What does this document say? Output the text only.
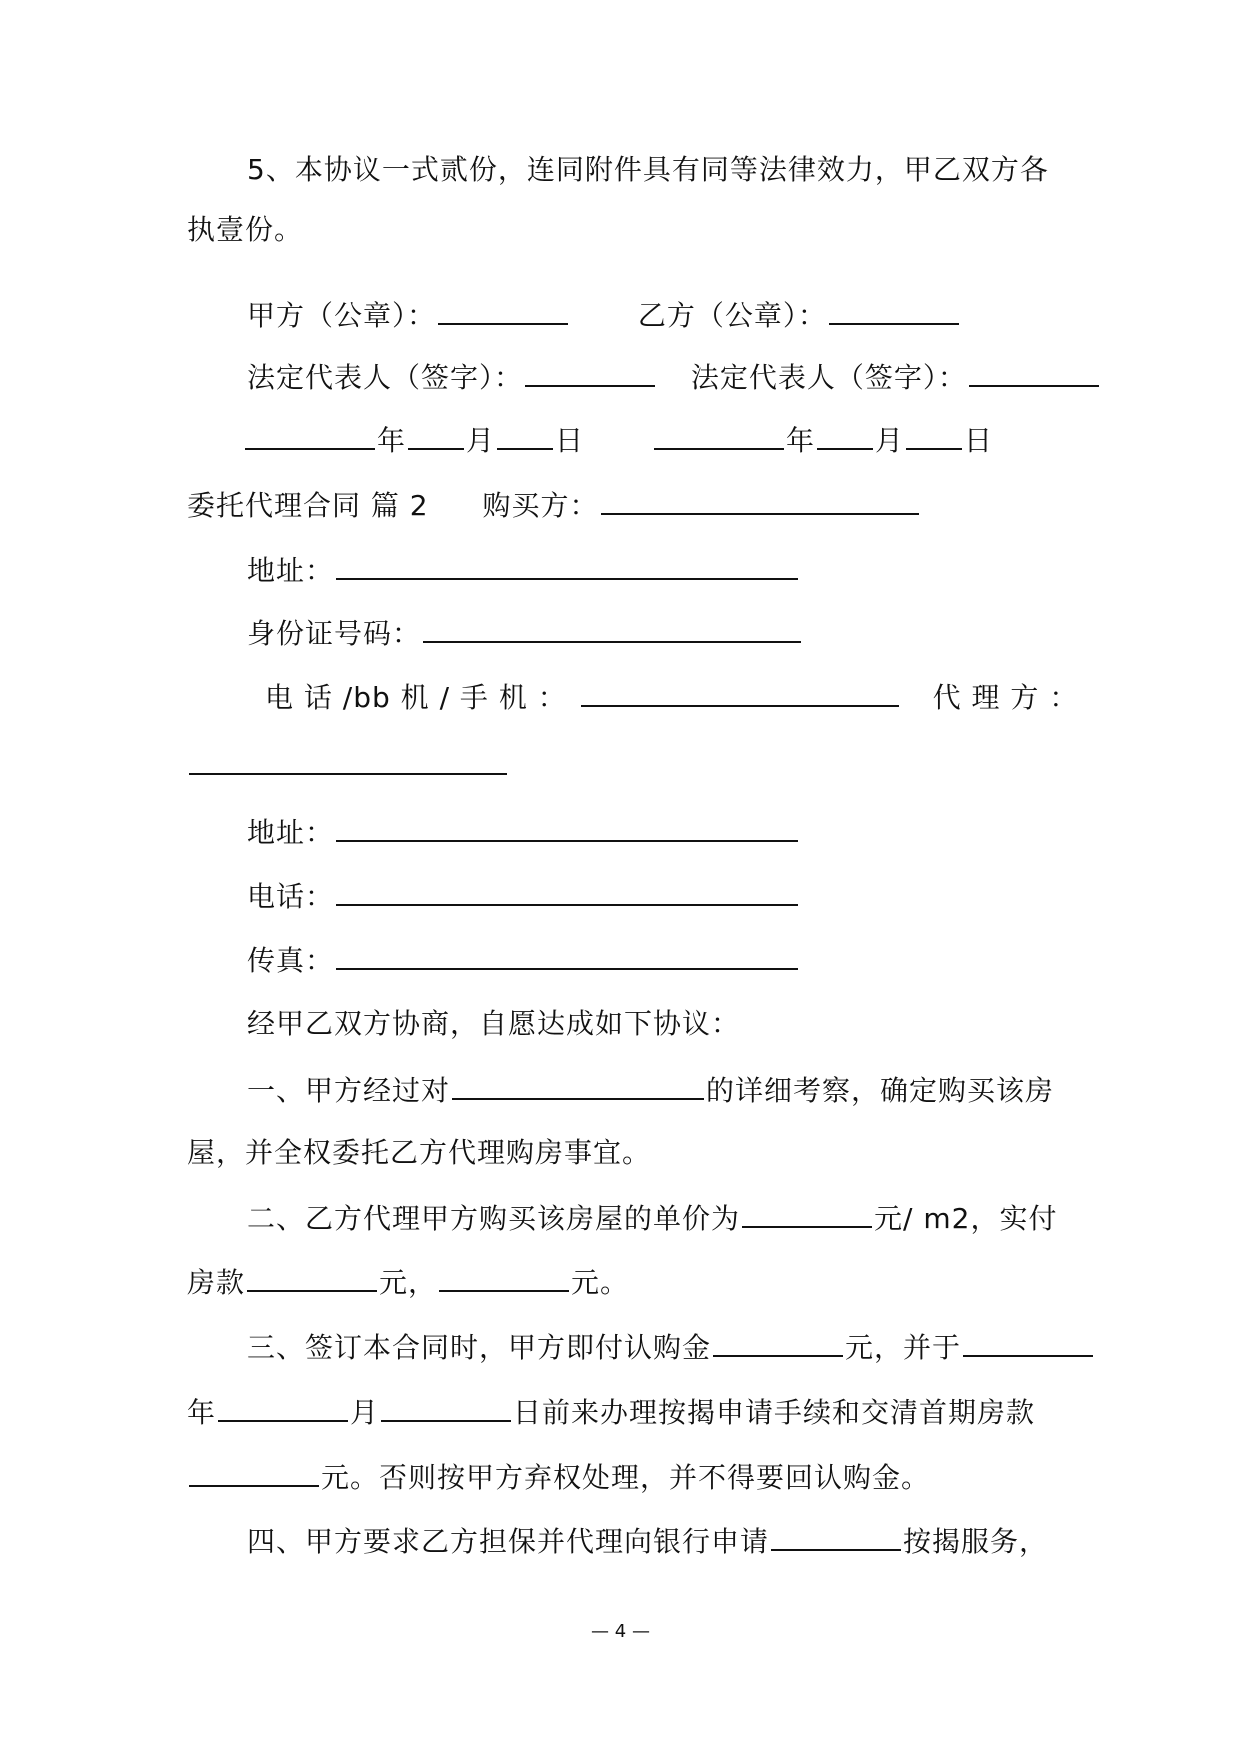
5、本协议一式贰份，连同附件具有同等法律效力，甲乙双方各
执壹份。
甲方（公章）：	乙方（公章）：
法定代表人（签字）：	法定代表人（签字）：
年 月 日	年 月 日
委托代理合同 篇 2 购买方：
地址：
身份证号码：
电 话 /bb 机 / 手 机 ：	代 理 方 ：
地址：
电话：
传真：
经甲乙双方协商，自愿达成如下协议：
一、甲方经过对	的详细考察，确定购买该房
屋，并全权委托乙方代理购房事宜。
二、乙方代理甲方购买该房屋的单价为	元/ m2，实付
房款	元，	元。
三、签订本合同时，甲方即付认购金	元，并于
年	月	日前来办理按揭申请手续和交清首期房款
元。否则按甲方弃权处理，并不得要回认购金。
四、甲方要求乙方担保并代理向银行申请	按揭服务，
— 4 —
